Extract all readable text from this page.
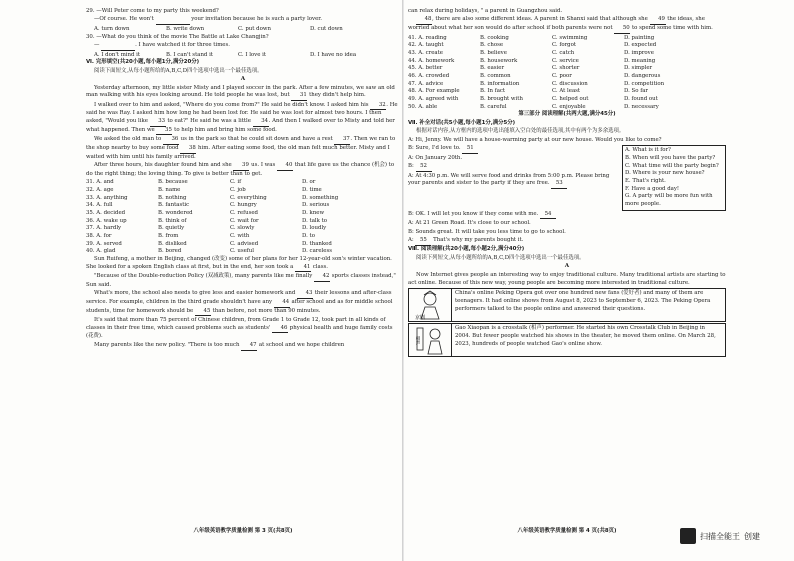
29. —Will Peter come to my party this weekend?

—Of course. He won't	your invitation because he is such a party lover.

A. turn down	B. write down	C. put down	D. cut down

30. —What do you think of the movie The Battle at Lake Changjin?

—	. I have watched it for three times.

A. I don't mind it	B. I can't stand it	C. I love it	D. I have no idea

Ⅵ. 完形填空(共20小题,每小题1分,满分20分)

阅读下面短文,从每小题所给的A,B,C,D四个选项中选出一个最佳选项。

A

Yesterday afternoon, my little sister Misty and I played soccer in the park. After a few minutes, we saw an old man walking with his eyes looking around. He told people he was lost, but 31 they didn't help him.

I walked over to him and asked, "Where do you come from?" He said he didn't know. I asked him his 32. He said he was Ray. I asked him how long he had been lost for. He said he was lost for almost two hours. I then asked, "Would you like 33 to eat?" He said he was a little 34. And then I walked over to Misty and told her what happened. Then we 35 to help him and bring him some food.

We asked the old man to 36 us in the park so that he could sit down and have a rest 37. Then we ran to the shop nearby to buy some food 38 him. After eating some food, the old man felt much better. Misty and I waited with him until his family arrived.

After three hours, his daughter found him and she 39 us. I was 40 that life gave us the chance (机会) to do the right thing; the loving thing. To give is better than to get.

31. A. and	B. because	C. if	D. or
32. A. age	B. name	C. job	D. time
33. A. anything	B. nothing	C. everything	D. something
34. A. full	B. fantastic	C. hungry	D. serious
35. A. decided	B. wondered	C. refused	D. knew
36. A. wake up	B. think of	C. wait for	D. talk to
37. A. hardly	B. quietly	C. slowly	D. loudly
38. A. for	B. from	C. with	D. to
39. A. served	B. disliked	C. advised	D. thanked
40. A. glad	B. bored	C. useful	D. careless

Sun Ruifeng, a mother in Beijing, changed (改变) some of her plans for her 12-year-old son's winter vacation. She looked for a spoken English class at first, but in the end, her son took a 41 class.

"Because of the Double-reduction Policy (双减政策), many parents like me finally 42 sports classes instead," Sun said.

What's more, the school also needs to give less and easier homework and 43 their lessons and after-class service. For example, children in the third grade shouldn't have any 44 after school and as for middle school students, time for homework should be 45 than before, not more than 90 minutes.

It's said that more than 75 percent of Chinese children, from Grade 1 to Grade 12, took part in all kinds of classes in their free time, which caused problems such as students' 46 physical health and huge family costs (花费).

Many parents like the new policy. "There is too much 47 at school and we hope children

八年级英语教学质量检测 第 3 页(共8页)

can relax during holidays, " a parent in Guangzhou said.

48, there are also some different ideas. A parent in Shanxi said that although she 49 the ideas, she worried about what her son would do after school if both parents were not 50 to spend some time with him.

41. A. reading	B. cooking	C. swimming	D. painting
42. A. taught	B. chose	C. forgot	D. expected
43. A. create	B. believe	C. catch	D. improve
44. A. homework	B. housework	C. service	D. meaning
45. A. better	B. easier	C. shorter	D. simpler
46. A. crowded	B. common	C. poor	D. dangerous
47. A. advice	B. information	C. discussion	D. competition
48. A. For example	B. In fact	C. At least	D. So far
49. A. agreed with	B. brought with	C. helped out	D. found out
50. A. able	B. careful	C. enjoyable	D. necessary

第三部分 阅读理解(共两大题,满分45分)

Ⅶ. 补全对话(共5小题,每小题1分,满分5分)

根据对话内容,从方框内的选项中选出能填入空白处的最佳选项,其中有两个为多余选项。

A: Hi, Jenny. We will have a house-warming party at our new house. Would you like to come?

B: Sure, I'd love to. 51

A: On January 20th.

B: 52

A: At 4:30 p.m. We will serve food and drinks from 5:00 p.m. Please bring your parents and sister to the party if they are free. 53

A. What is it for?
B. When will you have the party?
C. What time will the party begin?
D. Where is your new house?
E. That's right.
F. Have a good day!
G. A party will be more fun with more people.

B: OK. I will let you know if they come with me. 54

A: At 21 Green Road. It's close to our school.

B: Sounds great. It will take you less time to go to school.

A: 55 That's why my parents bought it.

Ⅷ. 阅读理解(共20小题,每小题2分,满分40分)

阅读下列短文,从每小题所给的A,B,C,D四个选项中选出一个最佳选项。

A

Now Internet gives people an interesting way to enjoy traditional culture. Many traditional artists are starting to act online. Because of this new way, young people are becoming more interested in traditional culture.

京剧
China's online Peking Opera got over one hundred new fans (爱好者) and many of them are teenagers. It had online shows from August 8, 2023 to September 6, 2023. The Peking Opera performers talked to the people online and answered their questions.
相声
Gao Xiaopan is a crosstalk (相声) performer. He started his own Crosstalk Club in Beijing in 2004. But fewer people watched his shows in the theater, he moved them online. On March 28, 2023, hundreds of people watched Gao's online show.
八年级英语教学质量检测 第 4 页(共8页)
扫描全能王 创建
